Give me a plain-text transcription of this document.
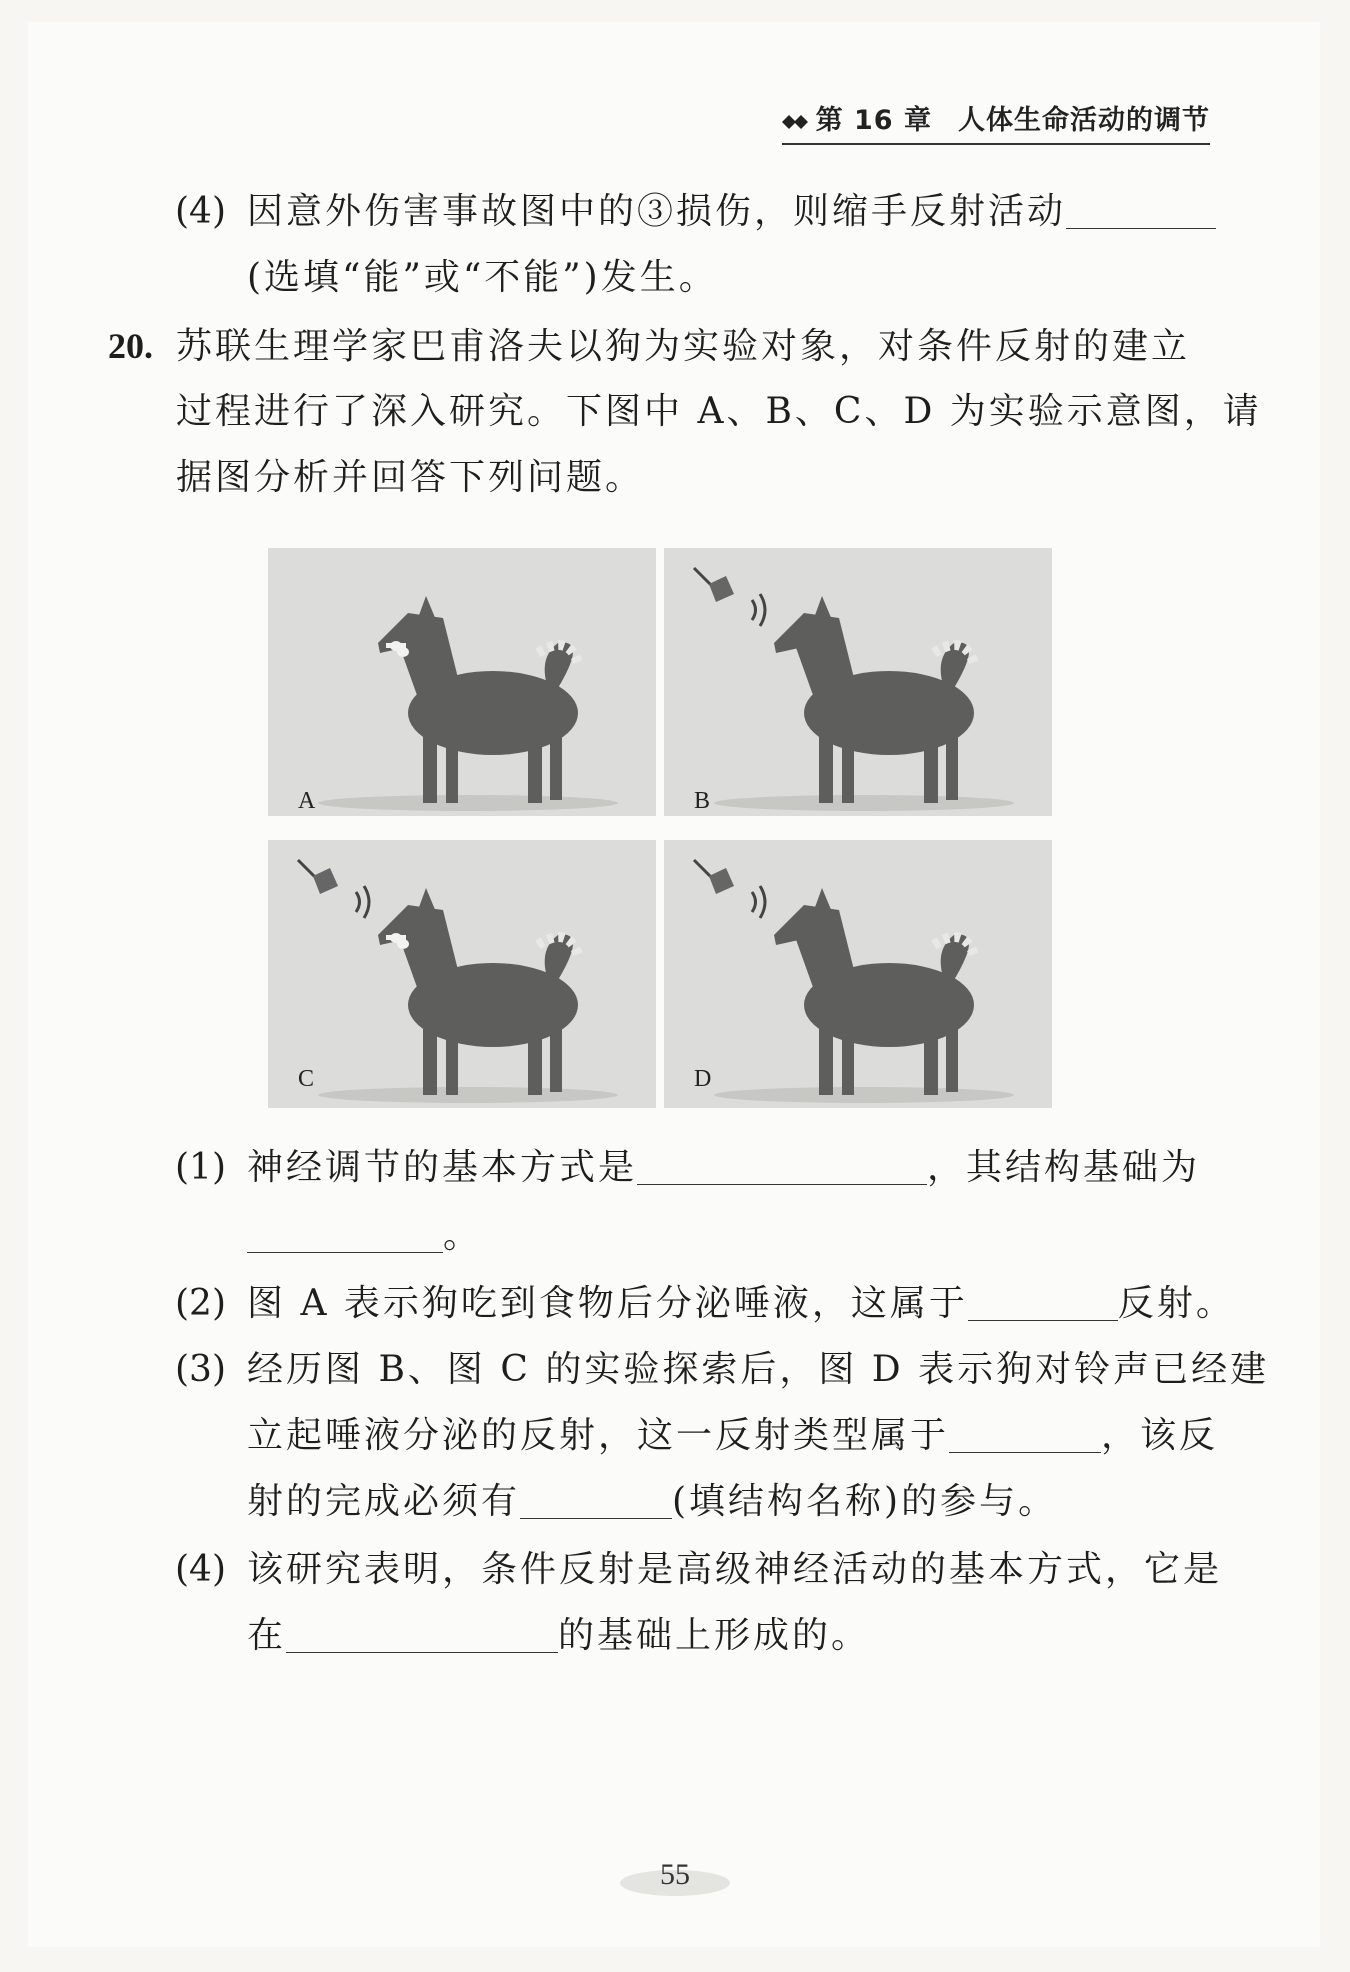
第 16 章 人体生命活动的调节
(4) 因意外伤害事故图中的③损伤，则缩手反射活动
(选填“能”或“不能”)发生。
20. 苏联生理学家巴甫洛夫以狗为实验对象，对条件反射的建立
过程进行了深入研究。下图中 A、B、C、D 为实验示意图，请
据图分析并回答下列问题。
A	B
C	D
(1) 神经调节的基本方式是	，其结构基础为
。
(2) 图 A 表示狗吃到食物后分泌唾液，这属于	反射。
(3) 经历图 B、图 C 的实验探索后，图 D 表示狗对铃声已经建
立起唾液分泌的反射，这一反射类型属于	，该反
射的完成必须有	(填结构名称)的参与。
(4) 该研究表明，条件反射是高级神经活动的基本方式，它是
在	的基础上形成的。
55
